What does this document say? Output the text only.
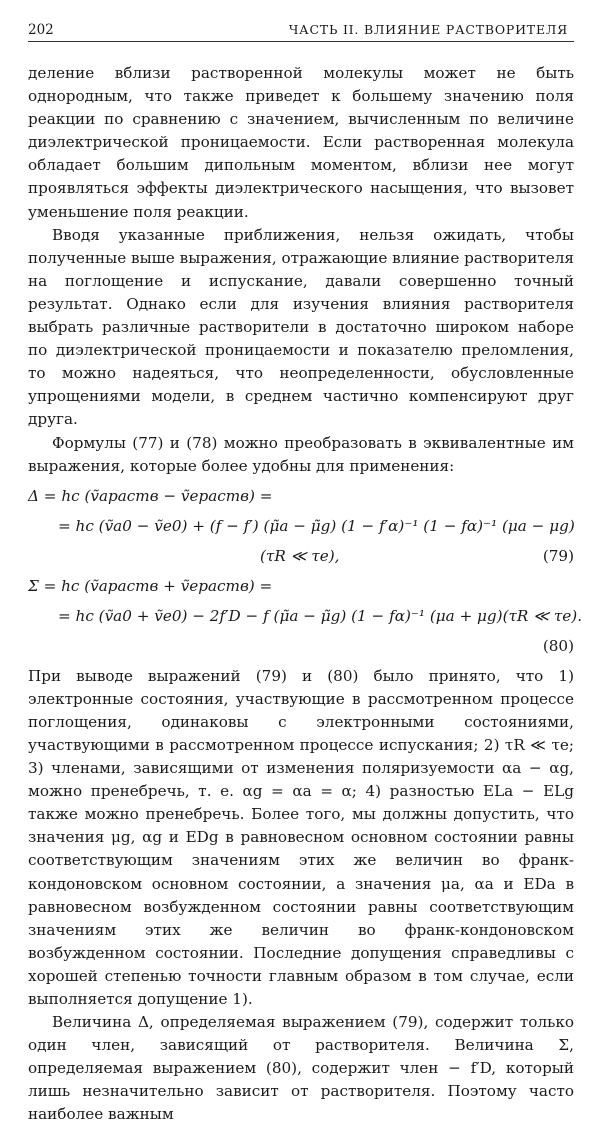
202	ЧАСТЬ II. ВЛИЯНИЕ РАСТВОРИТЕЛЯ

деление вблизи растворенной молекулы может не быть однородным, что также приведет к большему значению поля реакции по сравнению с значением, вычисленным по величине диэлектрической проницаемости. Если растворенная молекула обладает большим дипольным моментом, вблизи нее могут проявляться эффекты диэлектрического насыщения, что вызовет уменьшение поля реакции.

Вводя указанные приближения, нельзя ожидать, чтобы полученные выше выражения, отражающие влияние растворителя на поглощение и испускание, давали совершенно точный результат. Однако если для изучения влияния растворителя выбрать различные растворители в достаточно широком наборе по диэлектрической проницаемости и показателю преломления, то можно надеяться, что неопределенности, обусловленные упрощениями модели, в среднем частично компенсируют друг друга.

Формулы (77) и (78) можно преобразовать в эквивалентные им выражения, которые более удобны для применения:

Δ = hc (ṽaраств − ṽeраств) =
= hc (ṽa0 − ṽe0) + (f − f′) (μ̃a − μ̃g) (1 − f′α)⁻¹ (1 − fα)⁻¹ (μa − μg)
(τR ≪ τe),	(79)
Σ = hc (ṽaраств + ṽeраств) =
= hc (ṽa0 + ṽe0) − 2f′D − f (μ̃a − μ̃g) (1 − fα)⁻¹ (μa + μg) (τR ≪ τe).
(80)

При выводе выражений (79) и (80) было принято, что 1) электронные состояния, участвующие в рассмотренном процессе поглощения, одинаковы с электронными состояниями, участвующими в рассмотренном процессе испускания; 2) τR ≪ τe; 3) членами, зависящими от изменения поляризуемости αa − αg, можно пренебречь, т. е. αg = αa = α; 4) разностью ELa − ELg также можно пренебречь. Более того, мы должны допустить, что значения μg, αg и EDg в равновесном основном состоянии равны соответствующим значениям этих же величин во франк-кондоновском основном состоянии, а значения μa, αa и EDa в равновесном возбужденном состоянии равны соответствующим значениям этих же величин во франк-кондоновском возбужденном состоянии. Последние допущения справедливы с хорошей степенью точности главным образом в том случае, если выполняется допущение 1).

Величина Δ, определяемая выражением (79), содержит только один член, зависящий от растворителя. Величина Σ, определяемая выражением (80), содержит член − f′D, который лишь незначительно зависит от растворителя. Поэтому часто наиболее важным
